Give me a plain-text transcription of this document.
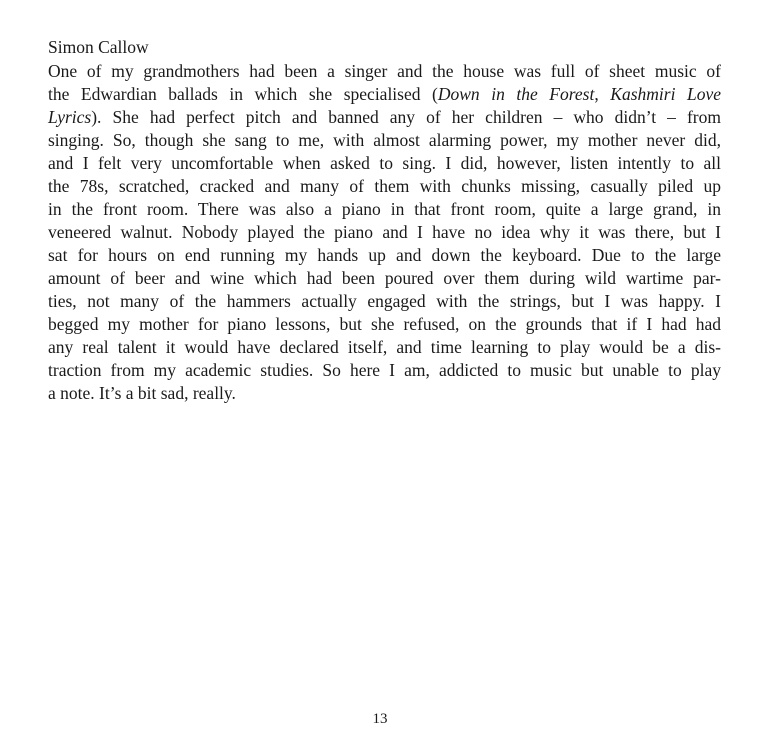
Simon Callow
One of my grandmothers had been a singer and the house was full of sheet music of
the Edwardian ballads in which she specialised (Down in the Forest, Kashmiri Love
Lyrics). She had perfect pitch and banned any of her children – who didn’t – from
singing. So, though she sang to me, with almost alarming power, my mother never did,
and I felt very uncomfortable when asked to sing. I did, however, listen intently to all
the 78s, scratched, cracked and many of them with chunks missing, casually piled up
in the front room. There was also a piano in that front room, quite a large grand, in
veneered walnut. Nobody played the piano and I have no idea why it was there, but I
sat for hours on end running my hands up and down the keyboard. Due to the large
amount of beer and wine which had been poured over them during wild wartime par-
ties, not many of the hammers actually engaged with the strings, but I was happy. I
begged my mother for piano lessons, but she refused, on the grounds that if I had had
any real talent it would have declared itself, and time learning to play would be a dis-
traction from my academic studies. So here I am, addicted to music but unable to play
a note. It’s a bit sad, really.
13
